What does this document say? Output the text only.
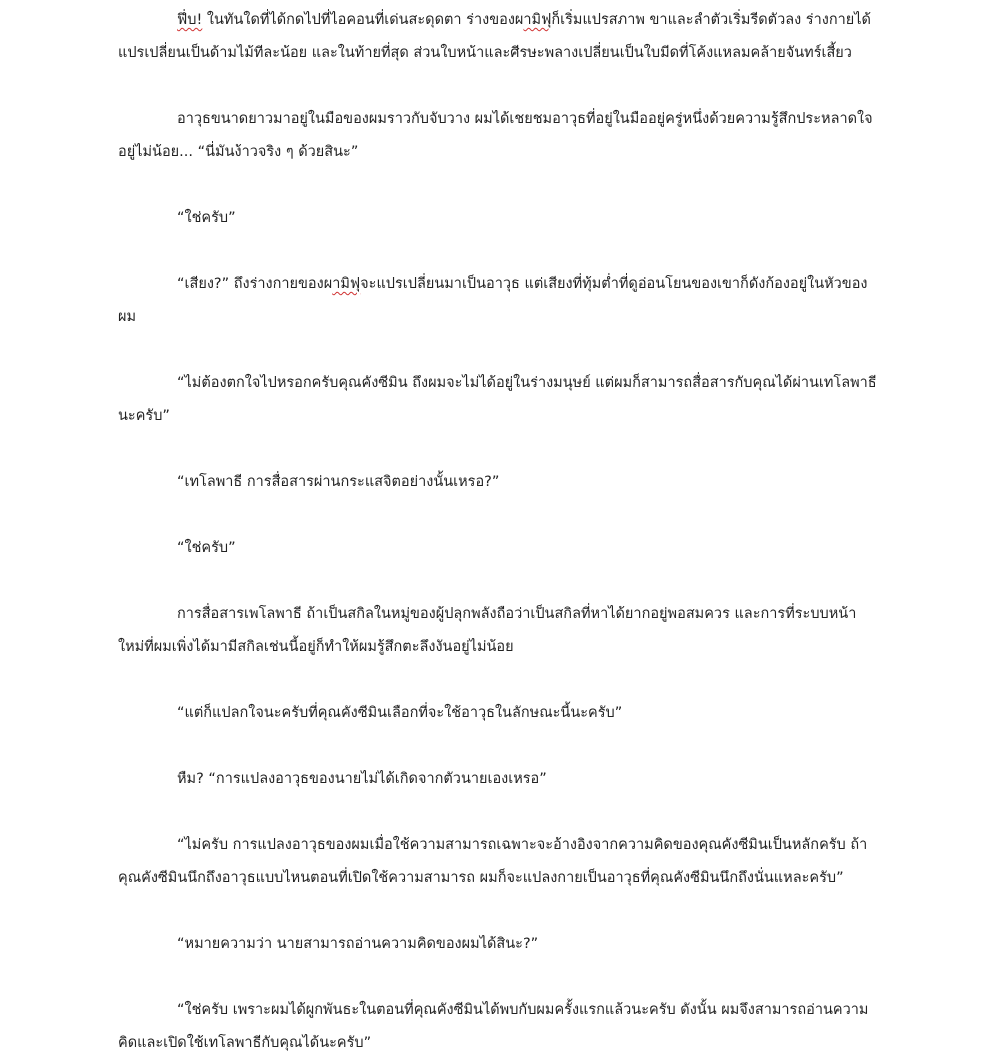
ฟึ่บ! ในทันใดที่ได้กดไปที่ไอคอนที่เด่นสะดุดตา ร่างของผามิฟุก็เริ่มแปรสภาพ ขาและลำตัวเริ่มรีดตัวลง ร่างกายได้แปรเปลี่ยนเป็นด้ามไม้ทีละน้อย และในท้ายที่สุด ส่วนใบหน้าและศีรษะพลางเปลี่ยนเป็นใบมีดที่โค้งแหลมคล้ายจันทร์เสี้ยว

อาวุธขนาดยาวมาอยู่ในมือของผมราวกับจับวาง ผมได้เชยชมอาวุธที่อยู่ในมืออยู่ครู่หนึ่งด้วยความรู้สึกประหลาดใจอยู่ไม่น้อย... “นี่มันง้าวจริง ๆ ด้วยสินะ”

“ใช่ครับ”

“เสียง?” ถึงร่างกายของผามิฟุจะแปรเปลี่ยนมาเป็นอาวุธ แต่เสียงที่ทุ้มต่ำที่ดูอ่อนโยนของเขาก็ดังก้องอยู่ในหัวของผม

“ไม่ต้องตกใจไปหรอกครับคุณคังซีมิน ถึงผมจะไม่ได้อยู่ในร่างมนุษย์ แต่ผมก็สามารถสื่อสารกับคุณได้ผ่านเทโลพาธีนะครับ”

“เทโลพาธี การสื่อสารผ่านกระแสจิตอย่างนั้นเหรอ?”

“ใช่ครับ”

การสื่อสารเพโลพาธี ถ้าเป็นสกิลในหมู่ของผู้ปลุกพลังถือว่าเป็นสกิลที่หาได้ยากอยู่พอสมควร และการที่ระบบหน้าใหม่ที่ผมเพิ่งได้มามีสกิลเช่นนี้อยู่ก็ทำให้ผมรู้สึกตะลึงงันอยู่ไม่น้อย

“แต่ก็แปลกใจนะครับที่คุณคังซีมินเลือกที่จะใช้อาวุธในลักษณะนี้นะครับ”

หืม? “การแปลงอาวุธของนายไม่ได้เกิดจากตัวนายเองเหรอ”

“ไม่ครับ การแปลงอาวุธของผมเมื่อใช้ความสามารถเฉพาะจะอ้างอิงจากความคิดของคุณคังซีมินเป็นหลักครับ ถ้าคุณคังซีมินนึกถึงอาวุธแบบไหนตอนที่เปิดใช้ความสามารถ ผมก็จะแปลงกายเป็นอาวุธที่คุณคังซีมินนึกถึงนั่นแหละครับ”

“หมายความว่า นายสามารถอ่านความคิดของผมได้สินะ?”

“ใช่ครับ เพราะผมได้ผูกพันธะในตอนที่คุณคังซีมินได้พบกับผมครั้งแรกแล้วนะครับ ดังนั้น ผมจึงสามารถอ่านความคิดและเปิดใช้เทโลพาธีกับคุณได้นะครับ”
